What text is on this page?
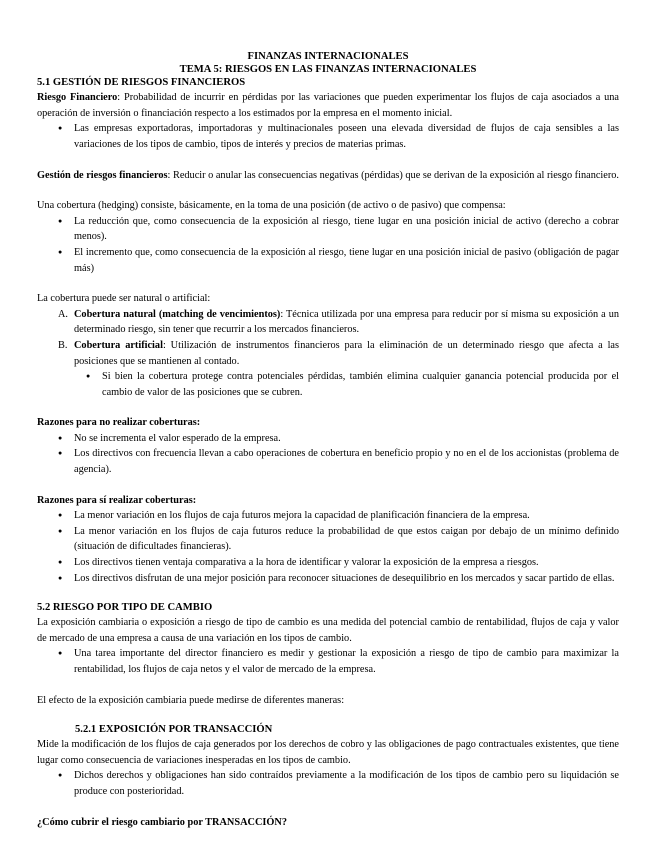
FINANZAS INTERNACIONALES
TEMA 5: RIESGOS EN LAS FINANZAS INTERNACIONALES
5.1 GESTIÓN DE RIESGOS FINANCIEROS

Riesgo Financiero: Probabilidad de incurrir en pérdidas por las variaciones que pueden experimentar los flujos de caja asociados a una operación de inversión o financiación respecto a los estimados por la empresa en el momento inicial.

● Las empresas exportadoras, importadoras y multinacionales poseen una elevada diversidad de flujos de caja sensibles a las variaciones de los tipos de cambio, tipos de interés y precios de materias primas.

Gestión de riesgos financieros: Reducir o anular las consecuencias negativas (pérdidas) que se derivan de la exposición al riesgo financiero.

Una cobertura (hedging) consiste, básicamente, en la toma de una posición (de activo o de pasivo) que compensa:

● La reducción que, como consecuencia de la exposición al riesgo, tiene lugar en una posición inicial de activo (derecho a cobrar menos).
● El incremento que, como consecuencia de la exposición al riesgo, tiene lugar en una posición inicial de pasivo (obligación de pagar más)

La cobertura puede ser natural o artificial:

A. Cobertura natural (matching de vencimientos): Técnica utilizada por una empresa para reducir por sí misma su exposición a un determinado riesgo, sin tener que recurrir a los mercados financieros.
B. Cobertura artificial: Utilización de instrumentos financieros para la eliminación de un determinado riesgo que afecta a las posiciones que se mantienen al contado.
● Si bien la cobertura protege contra potenciales pérdidas, también elimina cualquier ganancia potencial producida por el cambio de valor de las posiciones que se cubren.

Razones para no realizar coberturas:

● No se incrementa el valor esperado de la empresa.
● Los directivos con frecuencia llevan a cabo operaciones de cobertura en beneficio propio y no en el de los accionistas (problema de agencia).

Razones para sí realizar coberturas:

● La menor variación en los flujos de caja futuros mejora la capacidad de planificación financiera de la empresa.
● La menor variación en los flujos de caja futuros reduce la probabilidad de que estos caigan por debajo de un mínimo definido (situación de dificultades financieras).
● Los directivos tienen ventaja comparativa a la hora de identificar y valorar la exposición de la empresa a riesgos.
● Los directivos disfrutan de una mejor posición para reconocer situaciones de desequilibrio en los mercados y sacar partido de ellas.
5.2 RIESGO POR TIPO DE CAMBIO

La exposición cambiaria o exposición a riesgo de tipo de cambio es una medida del potencial cambio de rentabilidad, flujos de caja y valor de mercado de una empresa a causa de una variación en los tipos de cambio.

● Una tarea importante del director financiero es medir y gestionar la exposición a riesgo de tipo de cambio para maximizar la rentabilidad, los flujos de caja netos y el valor de mercado de la empresa.

El efecto de la exposición cambiaria puede medirse de diferentes maneras:

5.2.1 EXPOSICIÓN POR TRANSACCIÓN

Mide la modificación de los flujos de caja generados por los derechos de cobro y las obligaciones de pago contractuales existentes, que tiene lugar como consecuencia de variaciones inesperadas en los tipos de cambio.

● Dichos derechos y obligaciones han sido contraídos previamente a la modificación de los tipos de cambio pero su liquidación se produce con posterioridad.

¿Cómo cubrir el riesgo cambiario por TRANSACCIÓN?
